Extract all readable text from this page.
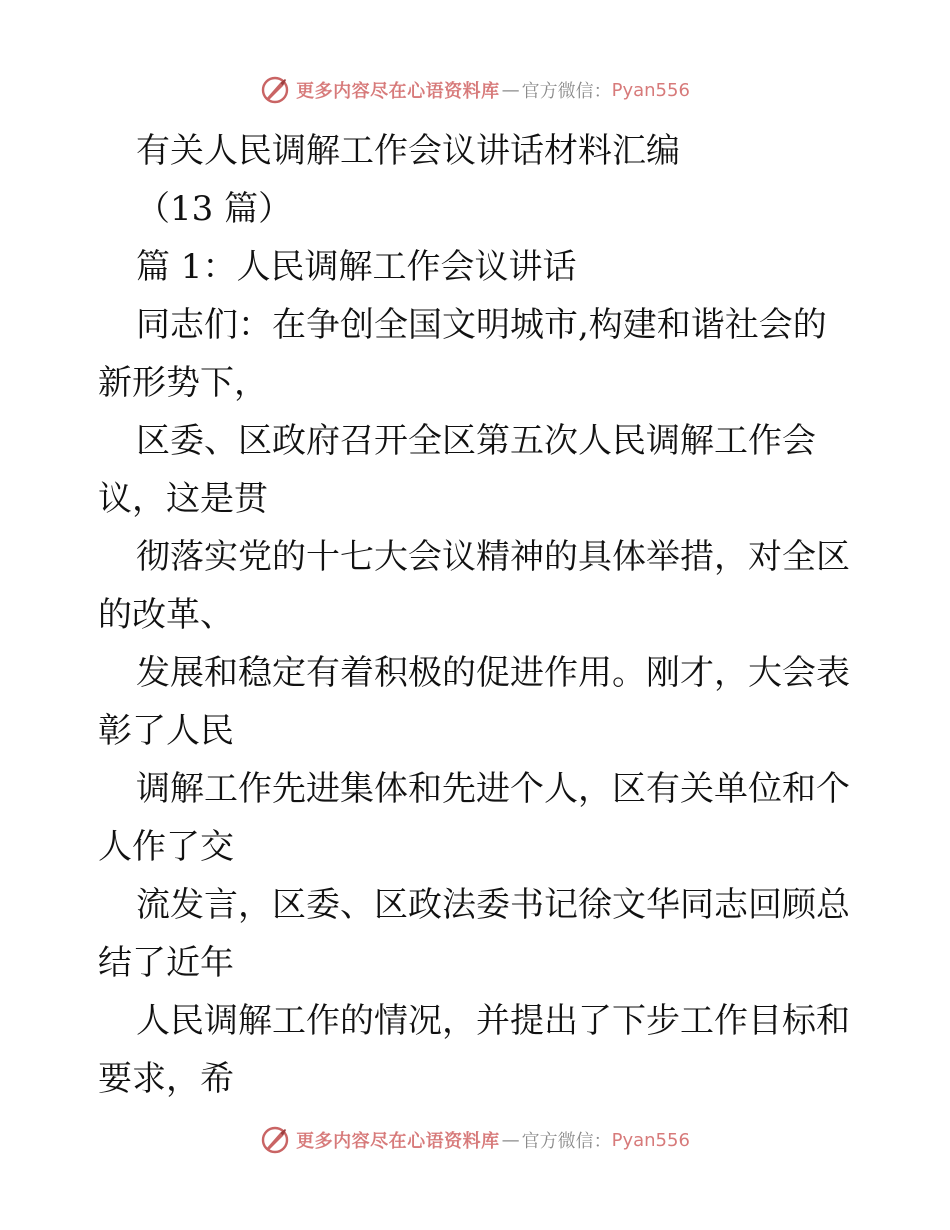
更多内容尽在心语资料库 — 官方微信： Pyan556
有关人民调解工作会议讲话材料汇编
（13 篇）
篇 1：人民调解工作会议讲话
同志们：在争创全国文明城市,构建和谐社会的
新形势下，
区委、区政府召开全区第五次人民调解工作会
议，这是贯
彻落实党的十七大会议精神的具体举措，对全区
的改革、
发展和稳定有着积极的促进作用。刚才，大会表
彰了人民
调解工作先进集体和先进个人，区有关单位和个
人作了交
流发言，区委、区政法委书记徐文华同志回顾总
结了近年
人民调解工作的情况，并提出了下步工作目标和
要求，希
更多内容尽在心语资料库 — 官方微信： Pyan556
